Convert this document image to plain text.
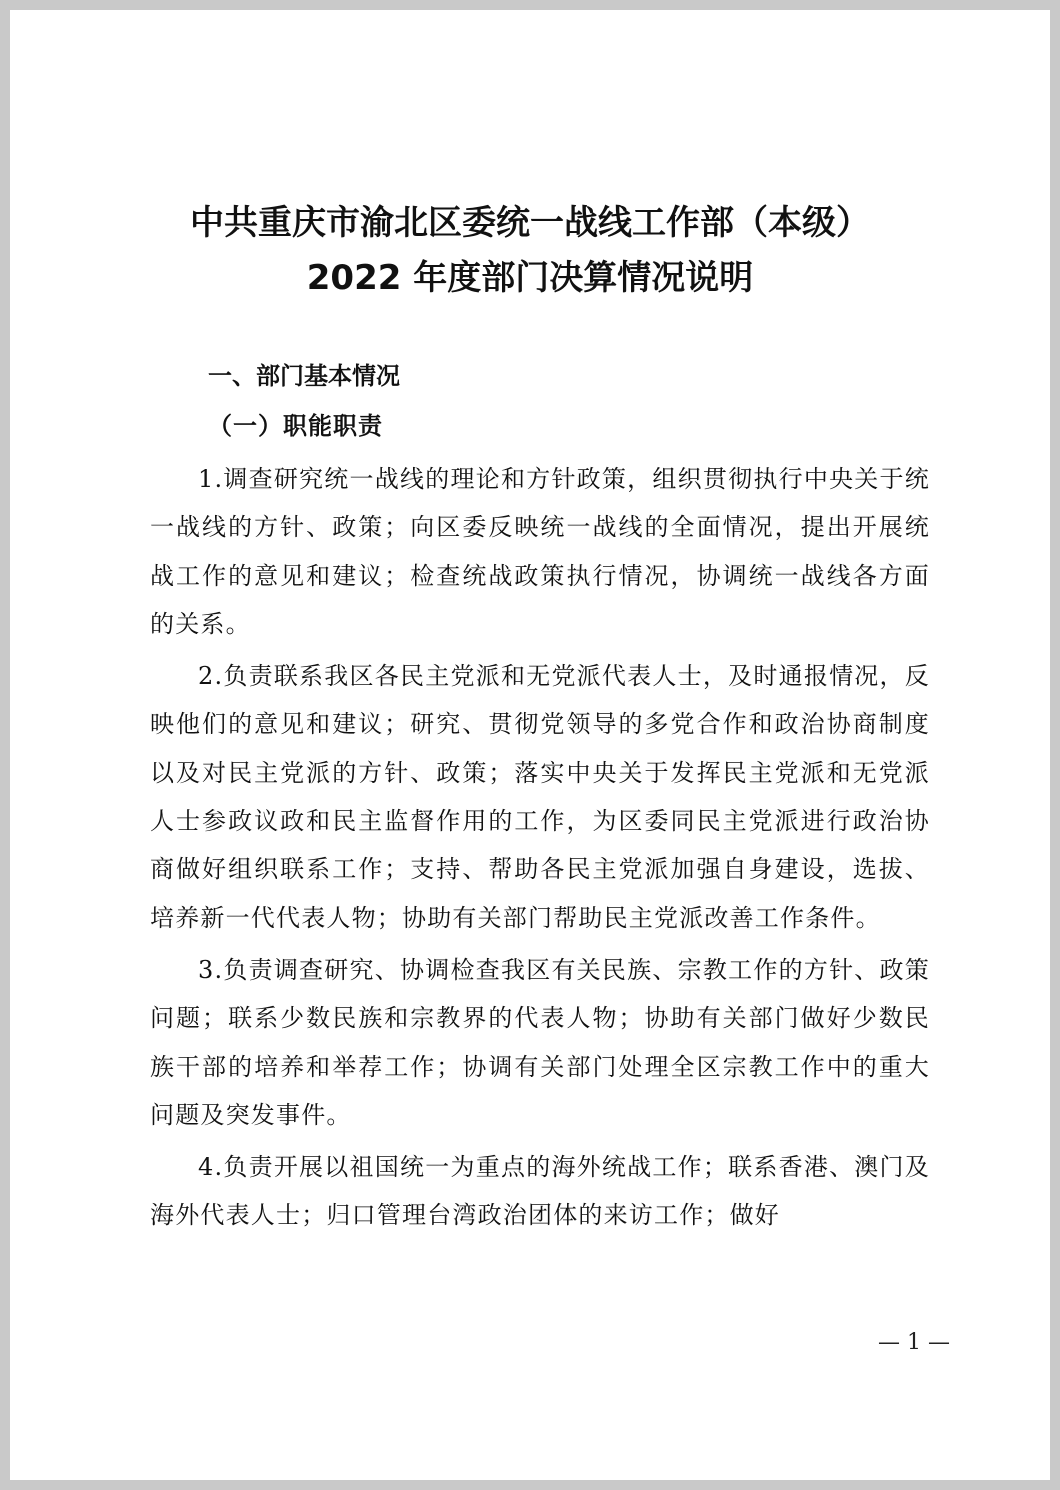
中共重庆市渝北区委统一战线工作部（本级）
2022 年度部门决算情况说明
一、部门基本情况
（一）职能职责

1.调查研究统一战线的理论和方针政策，组织贯彻执行中央关于统一战线的方针、政策；向区委反映统一战线的全面情况，提出开展统战工作的意见和建议；检查统战政策执行情况，协调统一战线各方面的关系。

2.负责联系我区各民主党派和无党派代表人士，及时通报情况，反映他们的意见和建议；研究、贯彻党领导的多党合作和政治协商制度以及对民主党派的方针、政策；落实中央关于发挥民主党派和无党派人士参政议政和民主监督作用的工作，为区委同民主党派进行政治协商做好组织联系工作；支持、帮助各民主党派加强自身建设，选拔、培养新一代代表人物；协助有关部门帮助民主党派改善工作条件。

3.负责调查研究、协调检查我区有关民族、宗教工作的方针、政策问题；联系少数民族和宗教界的代表人物；协助有关部门做好少数民族干部的培养和举荐工作；协调有关部门处理全区宗教工作中的重大问题及突发事件。

4.负责开展以祖国统一为重点的海外统战工作；联系香港、澳门及海外代表人士；归口管理台湾政治团体的来访工作；做好

— 1 —
